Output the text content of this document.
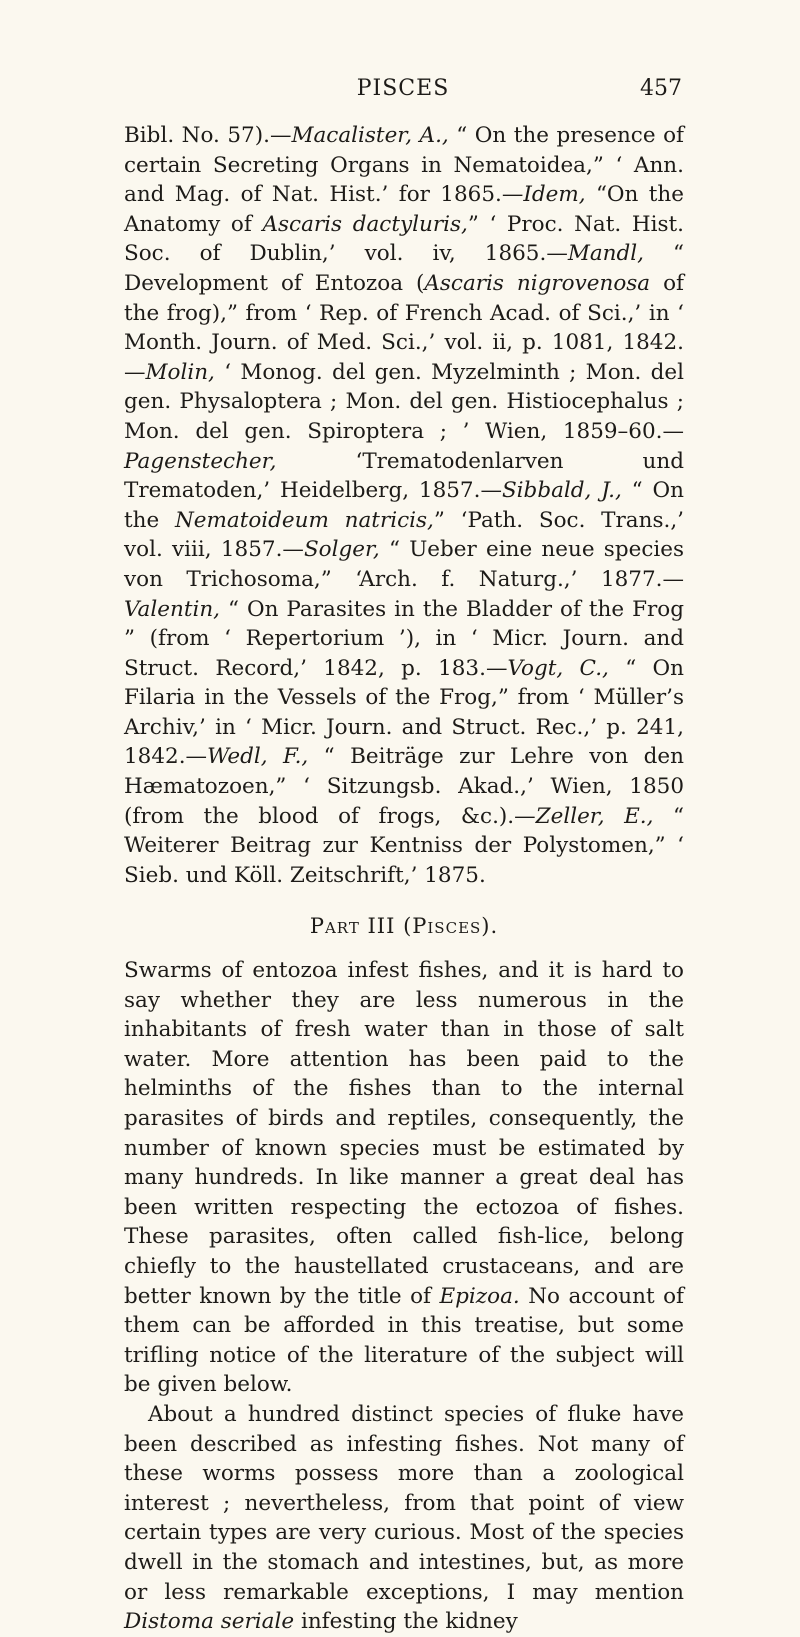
PISCES	457

Bibl. No. 57).—Macalister, A., “ On the presence of certain Secreting Organs in Nematoidea,” ‘ Ann. and Mag. of Nat. Hist.’ for 1865.—Idem, “On the Anatomy of Ascaris dactyluris,” ‘ Proc. Nat. Hist. Soc. of Dublin,’ vol. iv, 1865.—Mandl, “ Development of Entozoa (Ascaris nigrovenosa of the frog),” from ‘ Rep. of French Acad. of Sci.,’ in ‘ Month. Journ. of Med. Sci.,’ vol. ii, p. 1081, 1842.—Molin, ‘ Monog. del gen. Myzelminth ; Mon. del gen. Physaloptera ; Mon. del gen. Histiocephalus ; Mon. del gen. Spiroptera ; ’ Wien, 1859–60.—Pagenstecher, ‘Trematodenlarven und Trematoden,’ Heidelberg, 1857.—Sibbald, J., “ On the Nematoideum natricis,” ‘Path. Soc. Trans.,’ vol. viii, 1857.—Solger, “ Ueber eine neue species von Trichosoma,” ‘Arch. f. Naturg.,’ 1877.—Valentin, “ On Parasites in the Bladder of the Frog ” (from ‘ Repertorium ’), in ‘ Micr. Journ. and Struct. Record,’ 1842, p. 183.—Vogt, C., “ On Filaria in the Vessels of the Frog,” from ‘ Müller’s Archiv,’ in ‘ Micr. Journ. and Struct. Rec.,’ p. 241, 1842.—Wedl, F., “ Beiträge zur Lehre von den Hæmatozoen,” ‘ Sitzungsb. Akad.,’ Wien, 1850 (from the blood of frogs, &c.).—Zeller, E., “ Weiterer Beitrag zur Kentniss der Polystomen,” ‘ Sieb. und Köll. Zeitschrift,’ 1875.

Part III (Pisces).

Swarms of entozoa infest fishes, and it is hard to say whether they are less numerous in the inhabitants of fresh water than in those of salt water. More attention has been paid to the helminths of the fishes than to the internal parasites of birds and reptiles, consequently, the number of known species must be estimated by many hundreds. In like manner a great deal has been written respecting the ectozoa of fishes. These parasites, often called fish-lice, belong chiefly to the haustellated crustaceans, and are better known by the title of Epizoa. No account of them can be afforded in this treatise, but some trifling notice of the literature of the subject will be given below.

About a hundred distinct species of fluke have been described as infesting fishes. Not many of these worms possess more than a zoological interest ; nevertheless, from that point of view certain types are very curious. Most of the species dwell in the stomach and intestines, but, as more or less remarkable exceptions, I may mention Distoma seriale infesting the kidney
